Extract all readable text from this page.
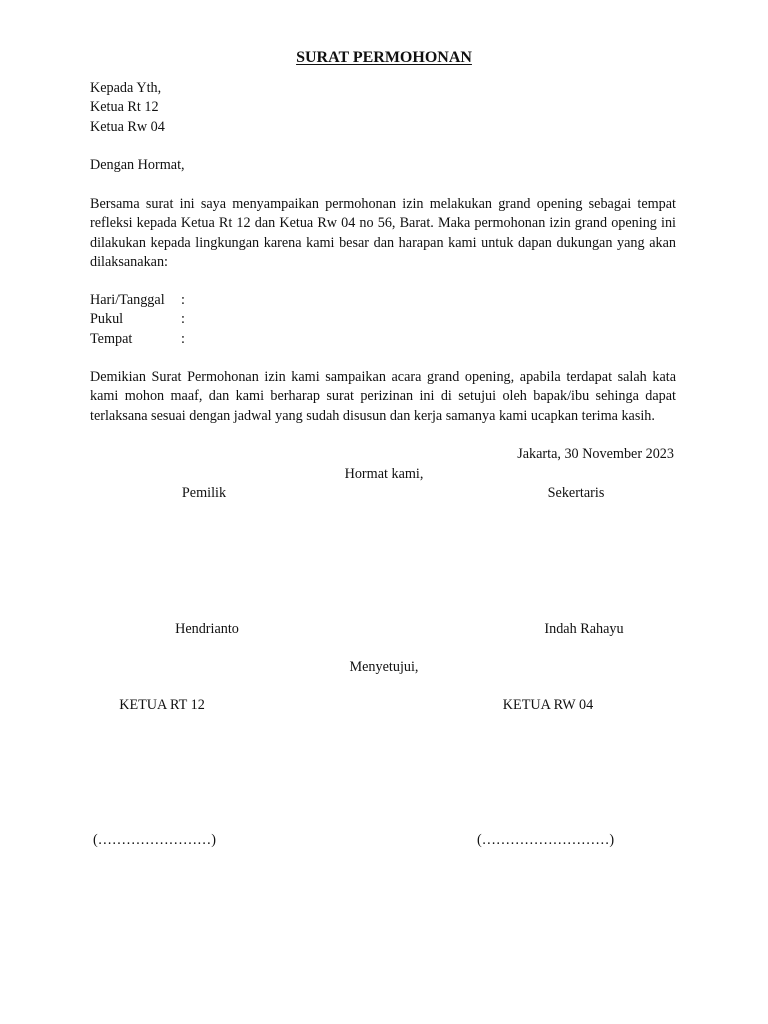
SURAT PERMOHONAN
Kepada Yth,
Ketua Rt 12
Ketua Rw 04
Dengan Hormat,
Bersama surat ini saya menyampaikan permohonan izin melakukan grand opening sebagai tempat refleksi kepada Ketua Rt 12 dan Ketua Rw 04 no 56, Barat. Maka permohonan izin grand opening ini dilakukan kepada lingkungan karena kami besar dan harapan kami untuk dapan dukungan yang akan dilaksanakan:
Hari/Tanggal	:
Pukul	:
Tempat	:
Demikian Surat Permohonan izin kami sampaikan acara grand opening, apabila terdapat salah kata kami mohon maaf, dan kami berharap surat perizinan ini di setujui oleh bapak/ibu sehinga dapat terlaksana sesuai dengan jadwal yang sudah disusun dan kerja samanya kami ucapkan terima kasih.
Jakarta, 30 November 2023
Hormat kami,
Pemilik	Sekertaris
Hendrianto	Indah Rahayu
Menyetujui,
KETUA RT 12	KETUA RW 04
(……………………)	(………………………)
